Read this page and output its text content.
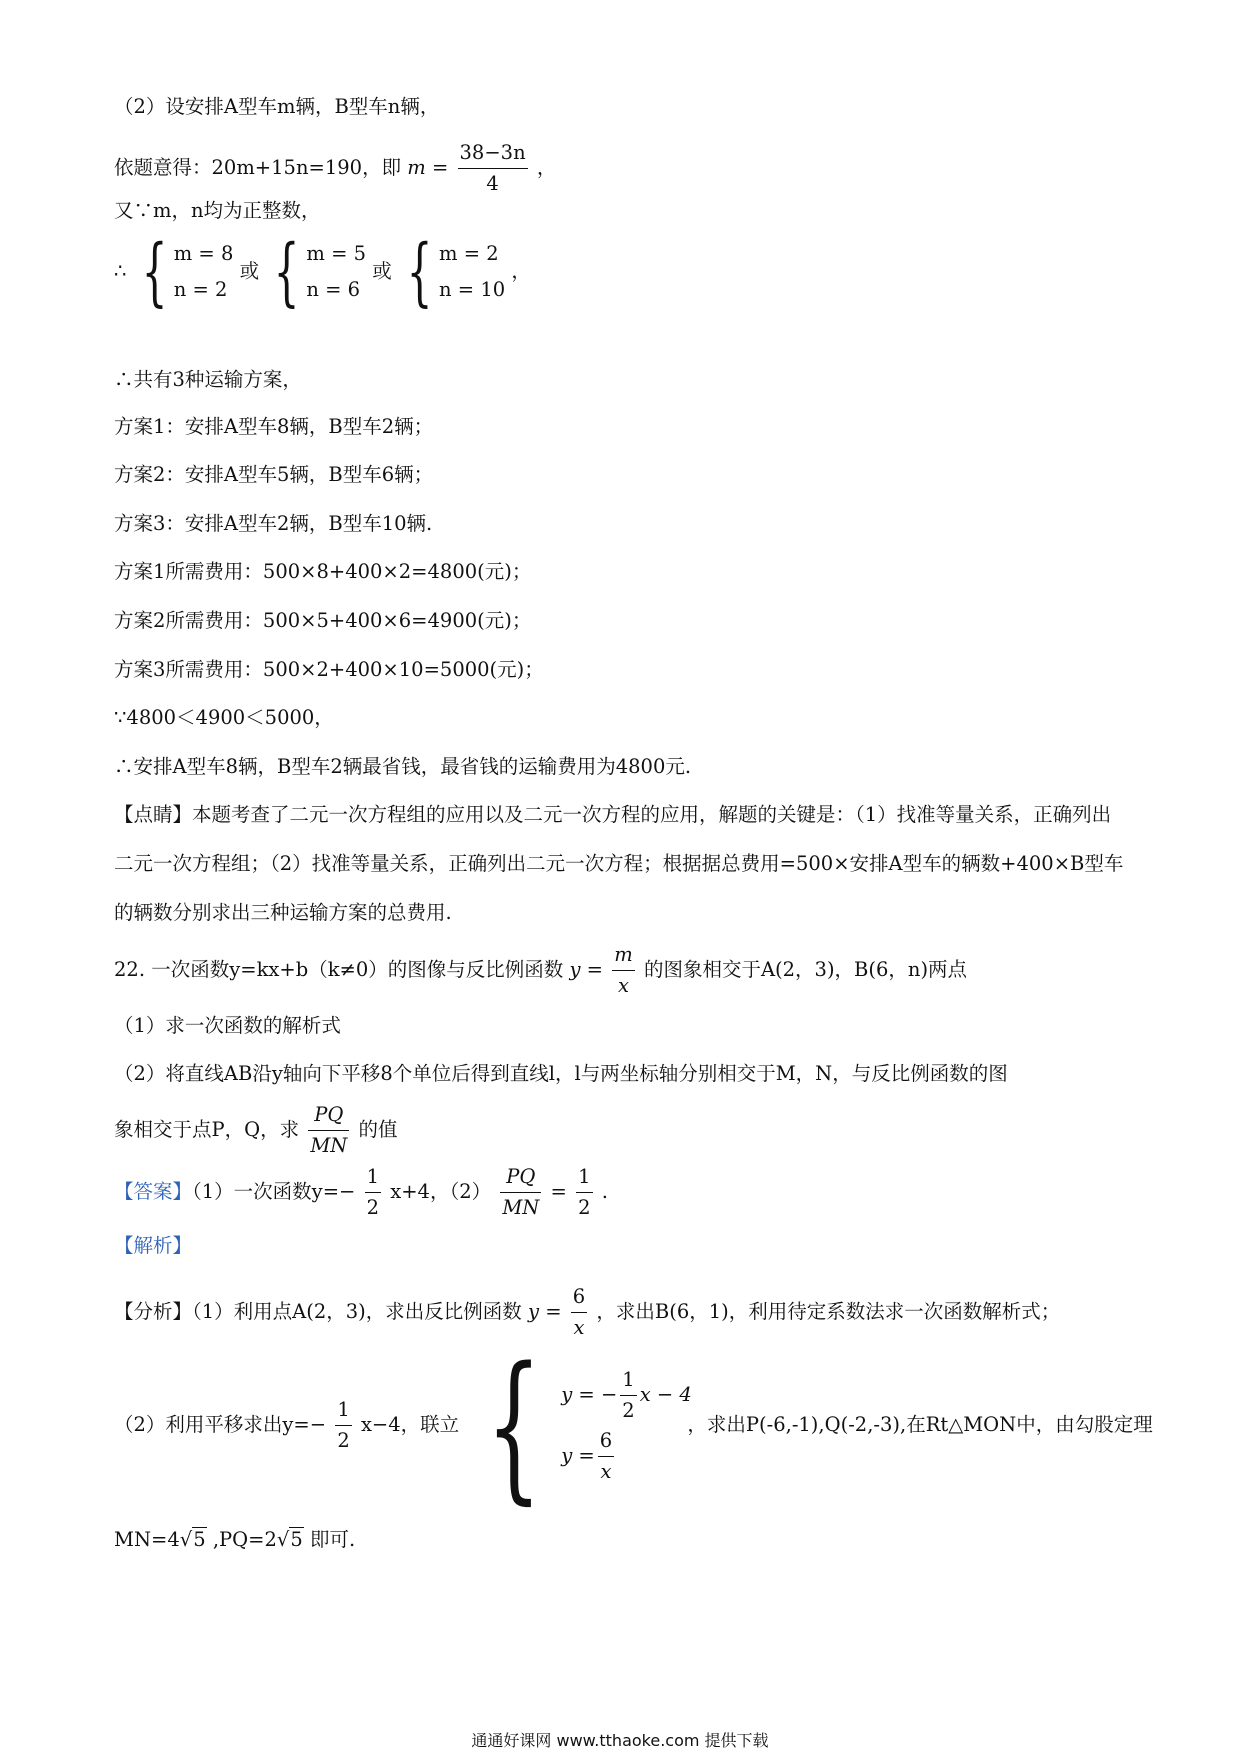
（2）设安排A型车m辆，B型车n辆，
依题意得：20m+15n=190，即 $m = \frac{38-3n}{4}$ ，
又∵m，n均为正整数，
∴ { m = 8
n = 2
或 { m = 5
n = 6
或 { m = 2
n = 10
，
∴共有3种运输方案，
方案1：安排A型车8辆，B型车2辆；
方案2：安排A型车5辆，B型车6辆；
方案3：安排A型车2辆，B型车10辆.
方案1所需费用：500×8+400×2=4800(元)；
方案2所需费用：500×5+400×6=4900(元)；
方案3所需费用：500×2+400×10=5000(元)；
∵4800＜4900＜5000，
∴安排A型车8辆，B型车2辆最省钱，最省钱的运输费用为4800元.
【点睛】本题考查了二元一次方程组的应用以及二元一次方程的应用，解题的关键是：（1）找准等量关系，正确列出二元一次方程组；（2）找准等量关系，正确列出二元一次方程；根据据总费用=500×安排A型车的辆数+400×B型车的辆数分别求出三种运输方案的总费用.
22. 一次函数y=kx+b（k≠0）的图像与反比例函数 $y = \frac{m}{x}$ 的图象相交于A(2，3)，B(6，n)两点
（1）求一次函数的解析式
（2）将直线AB沿y轴向下平移8个单位后得到直线l，l与两坐标轴分别相交于M，N，与反比例函数的图
象相交于点P，Q，求 $\frac{PQ}{MN}$ 的值
【答案】（1）一次函数$y=- \frac{1}{2} x+4$，$(2) \frac{PQ}{MN} = \frac{1}{2}$ .
【解析】
【分析】（1）利用点A(2，3)，求出反比例函数 $y = \frac{6}{x}$ ，求出B(6，1)，利用待定系数法求一次函数解析式；
（2）利用平移求出$y=- \frac{1}{2} x-4$，联立 { y = − $\frac{1}{2}$ x − 4
$y = \frac{6}{x}$
，求出P(-6,-1),Q(-2,-3),在Rt△MON中，由勾股定理
MN=4√5 ,PQ=2√5 即可.
通通好课网 www.tthaoke.com 提供下载
